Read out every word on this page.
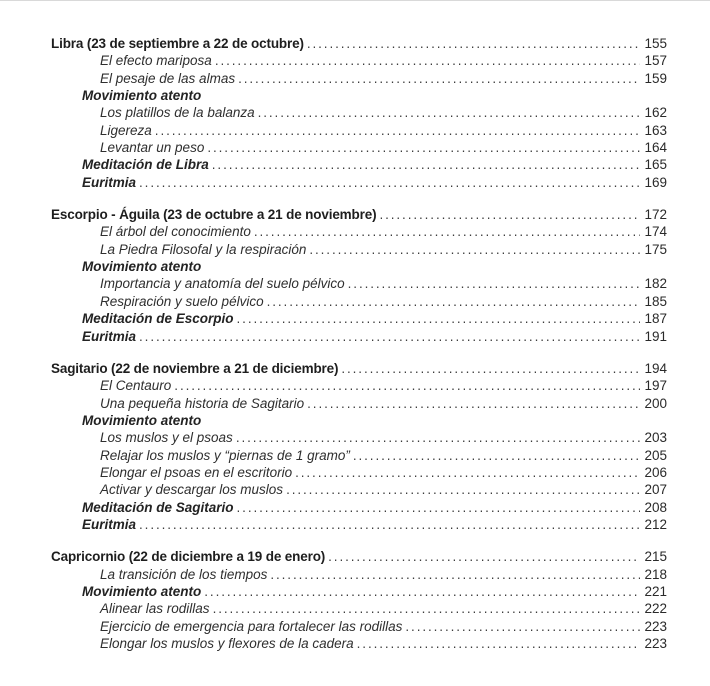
Libra (23 de septiembre a 22 de octubre) .....	155
El efecto mariposa .....	157
El pesaje de las almas .....	159
Movimiento atento
Los platillos de la balanza .....	162
Ligereza .....	163
Levantar un peso .....	164
Meditación de Libra .....	165
Euritmia .....	169
Escorpio - Águila (23 de octubre a 21 de noviembre) .....	172
El árbol del conocimiento .....	174
La Piedra Filosofal y la respiración .....	175
Movimiento atento
Importancia y anatomía del suelo pélvico .....	182
Respiración y suelo pélvico .....	185
Meditación de Escorpio .....	187
Euritmia .....	191
Sagitario (22 de noviembre a 21 de diciembre) .....	194
El Centauro .....	197
Una pequeña historia de Sagitario .....	200
Movimiento atento
Los muslos y el psoas .....	203
Relajar los muslos y “piernas de 1 gramo” .....	205
Elongar el psoas en el escritorio .....	206
Activar y descargar los muslos .....	207
Meditación de Sagitario .....	208
Euritmia .....	212
Capricornio (22 de diciembre a 19 de enero) .....	215
La transición de los tiempos .....	218
Movimiento atento .....	221
Alinear las rodillas .....	222
Ejercicio de emergencia para fortalecer las rodillas .....	223
Elongar los muslos y flexores de la cadera .....	223
